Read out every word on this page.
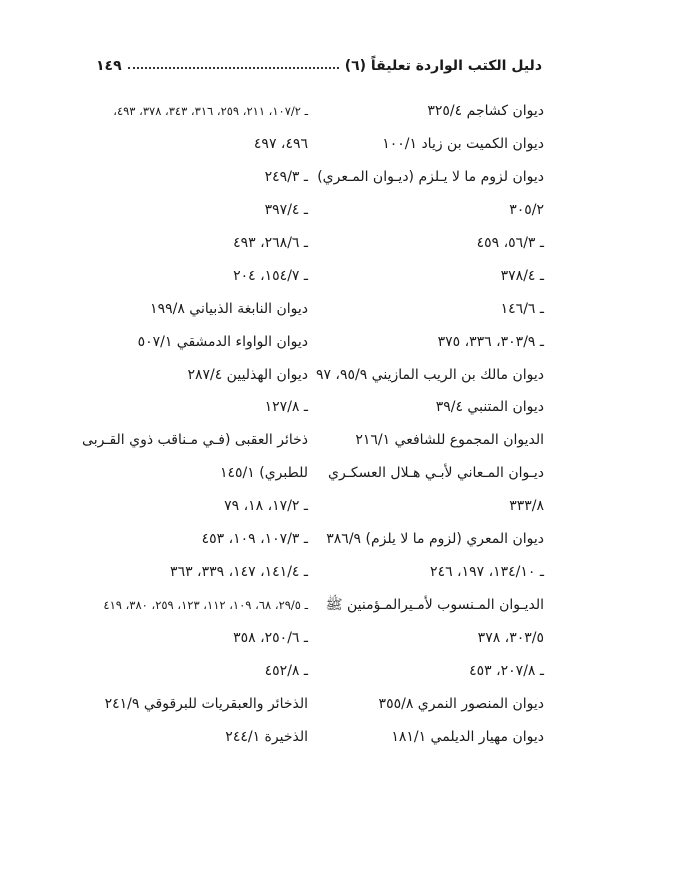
دليل الكتب الواردة تعليقاً (٦)
١٤٩
ديوان كشاجم ٣٢٥/٤
ديوان الكميت بن زياد ١٠٠/١
ديوان لزوم ما لا يـلزم (ديـوان المـعري)
٣٠٥/٢
ـ ٥٦/٣، ٤٥٩
ـ ٣٧٨/٤
ـ ١٤٦/٦
ـ ٣٠٣/٩، ٣٣٦، ٣٧٥
ديوان مالك بن الريب المازيني ٩٥/٩، ٩٧
ديوان المتنبي ٣٩/٤
الديوان المجموع للشافعي ٢١٦/١
ديـوان المـعاني لأبـي هـلال العسكـري
٣٣٣/٨
ديوان المعري (لزوم ما لا يلزم) ٣٨٦/٩
ـ ١٣٤/١٠، ١٩٧، ٢٤٦
الديـوان المـنسوب لأمـيرالمـؤمنين ﷺ
٣٠٣/٥، ٣٧٨
ـ ٢٠٧/٨، ٤٥٣
ديوان المنصور النمري ٣٥٥/٨
ديوان مهيار الديلمي ١٨١/١
ـ ١٠٧/٢، ٢١١، ٢٥٩، ٣١٦، ٣٤٣، ٣٧٨، ٤٩٣،
٤٩٦، ٤٩٧
ـ ٢٤٩/٣
ـ ٣٩٧/٤
ـ ٢٦٨/٦، ٤٩٣
ـ ١٥٤/٧، ٢٠٤
ديوان النابغة الذبياني ١٩٩/٨
ديوان الواواء الدمشقي ٥٠٧/١
ديوان الهذليين ٢٨٧/٤
ـ ١٢٧/٨
ذخائر العقبى (فـي مـناقب ذوي القـربى
للطبري) ١٤٥/١
ـ ١٧/٢، ١٨، ٧٩
ـ ١٠٧/٣، ١٠٩، ٤٥٣
ـ ١٤١/٤، ١٤٧، ٣٣٩، ٣٦٣
ـ ٢٩/٥، ٦٨، ١٠٩، ١١٢، ١٢٣، ٢٥٩، ٣٨٠، ٤١٩
ـ ٢٥٠/٦، ٣٥٨
ـ ٤٥٢/٨
الذخائر والعبقريات للبرقوقي ٢٤١/٩
الذخيرة ٢٤٤/١
